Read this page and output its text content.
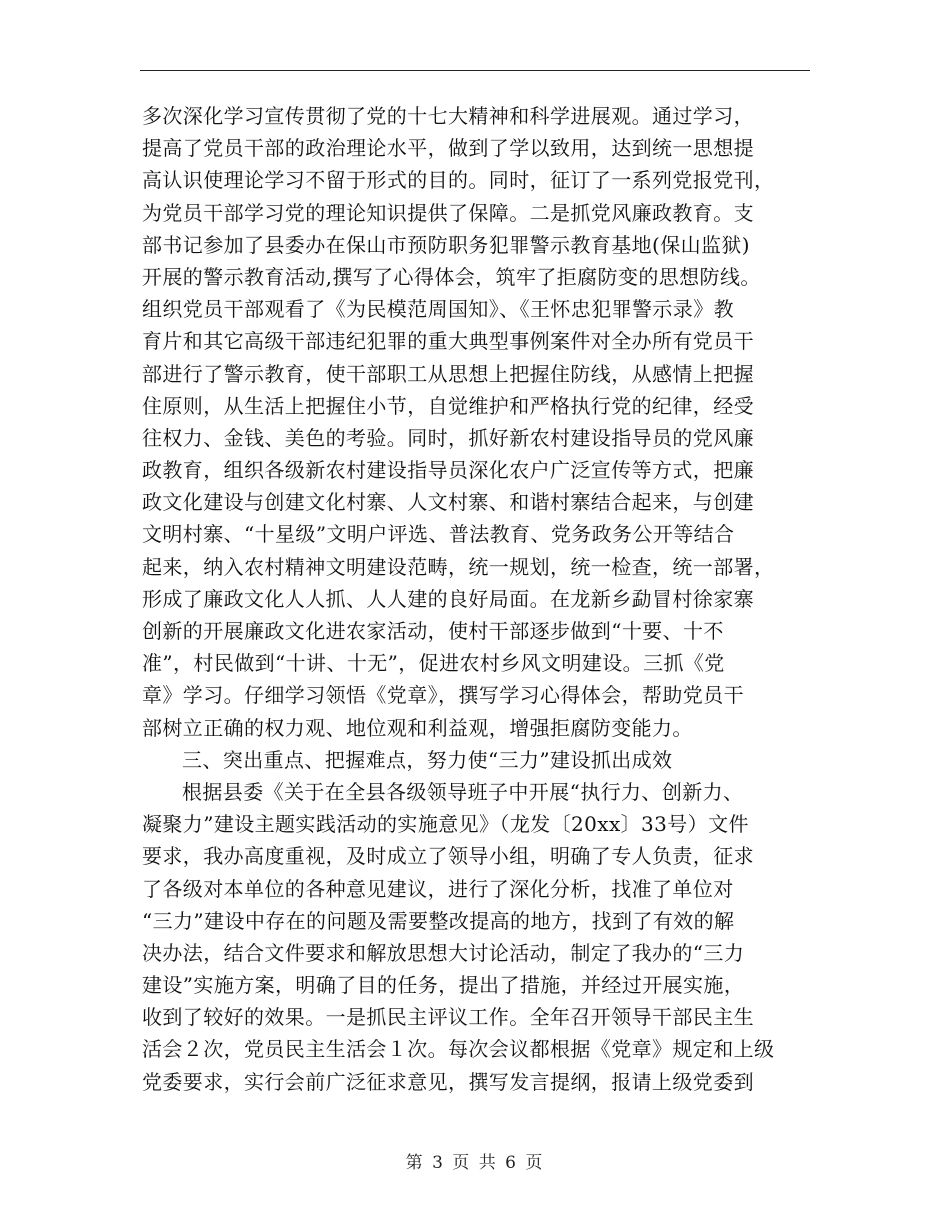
多次深化学习宣传贯彻了党的十七大精神和科学进展观。通过学习，
提高了党员干部的政治理论水平，做到了学以致用，达到统一思想提
高认识使理论学习不留于形式的目的。同时，征订了一系列党报党刊，
为党员干部学习党的理论知识提供了保障。二是抓党风廉政教育。支
部书记参加了县委办在保山市预防职务犯罪警示教育基地(保山监狱)
开展的警示教育活动,撰写了心得体会，筑牢了拒腐防变的思想防线。
组织党员干部观看了《为民模范周国知》、《王怀忠犯罪警示录》教
育片和其它高级干部违纪犯罪的重大典型事例案件对全办所有党员干
部进行了警示教育，使干部职工从思想上把握住防线，从感情上把握
住原则，从生活上把握住小节，自觉维护和严格执行党的纪律，经受
往权力、金钱、美色的考验。同时，抓好新农村建设指导员的党风廉
政教育，组织各级新农村建设指导员深化农户广泛宣传等方式，把廉
政文化建设与创建文化村寨、人文村寨、和谐村寨结合起来，与创建
文明村寨、“十星级”文明户评选、普法教育、党务政务公开等结合
起来，纳入农村精神文明建设范畴，统一规划，统一检查，统一部署，
形成了廉政文化人人抓、人人建的良好局面。在龙新乡勐冒村徐家寨
创新的开展廉政文化进农家活动，使村干部逐步做到“十要、十不
准”，村民做到“十讲、十无”，促进农村乡风文明建设。三抓《党
章》学习。仔细学习领悟《党章》，撰写学习心得体会，帮助党员干
部树立正确的权力观、地位观和利益观，增强拒腐防变能力。
三、突出重点、把握难点，努力使“三力”建设抓出成效
根据县委《关于在全县各级领导班子中开展“执行力、创新力、
凝聚力”建设主题实践活动的实施意见》（龙发〔20xx〕33号）文件
要求，我办高度重视，及时成立了领导小组，明确了专人负责，征求
了各级对本单位的各种意见建议，进行了深化分析，找准了单位对
“三力”建设中存在的问题及需要整改提高的地方，找到了有效的解
决办法，结合文件要求和解放思想大讨论活动，制定了我办的“三力
建设”实施方案，明确了目的任务，提出了措施，并经过开展实施，
收到了较好的效果。一是抓民主评议工作。全年召开领导干部民主生
活会２次，党员民主生活会１次。每次会议都根据《党章》规定和上级
党委要求，实行会前广泛征求意见，撰写发言提纲，报请上级党委到
第 3 页 共 6 页
